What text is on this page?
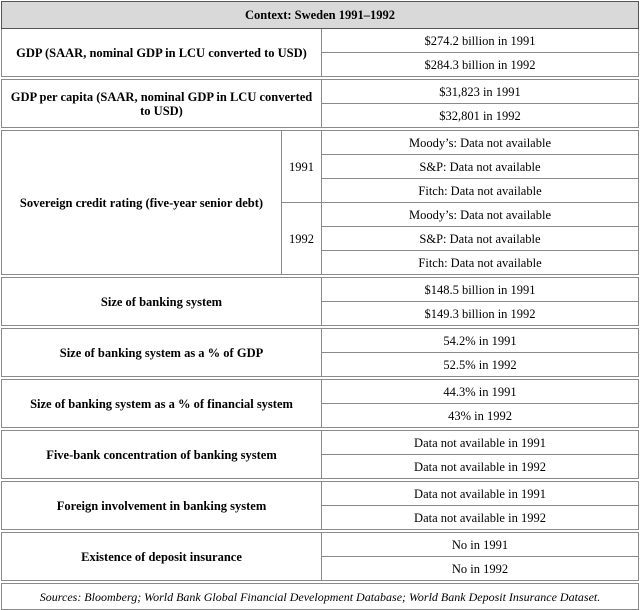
Context: Sweden 1991–1992		
GDP (SAAR, nominal GDP in LCU converted to USD)		$274.2 billion in 1991
		$284.3 billion in 1992

GDP per capita (SAAR, nominal GDP in LCU converted to USD)		$31,823 in 1991
		$32,801 in 1992

Sovereign credit rating (five-year senior debt)	1991	Moody’s: Data not available
		S&P: Data not available
		Fitch: Data not available
	1992	Moody’s: Data not available
		S&P: Data not available
		Fitch: Data not available

Size of banking system		$148.5 billion in 1991
		$149.3 billion in 1992

Size of banking system as a % of GDP		54.2% in 1991
		52.5% in 1992

Size of banking system as a % of financial system		44.3% in 1991
		43% in 1992

Five-bank concentration of banking system		Data not available in 1991
		Data not available in 1992

Foreign involvement in banking system		Data not available in 1991
		Data not available in 1992

Existence of deposit insurance		No in 1991
		No in 1992

Sources: Bloomberg; World Bank Global Financial Development Database; World Bank Deposit Insurance Dataset.		
